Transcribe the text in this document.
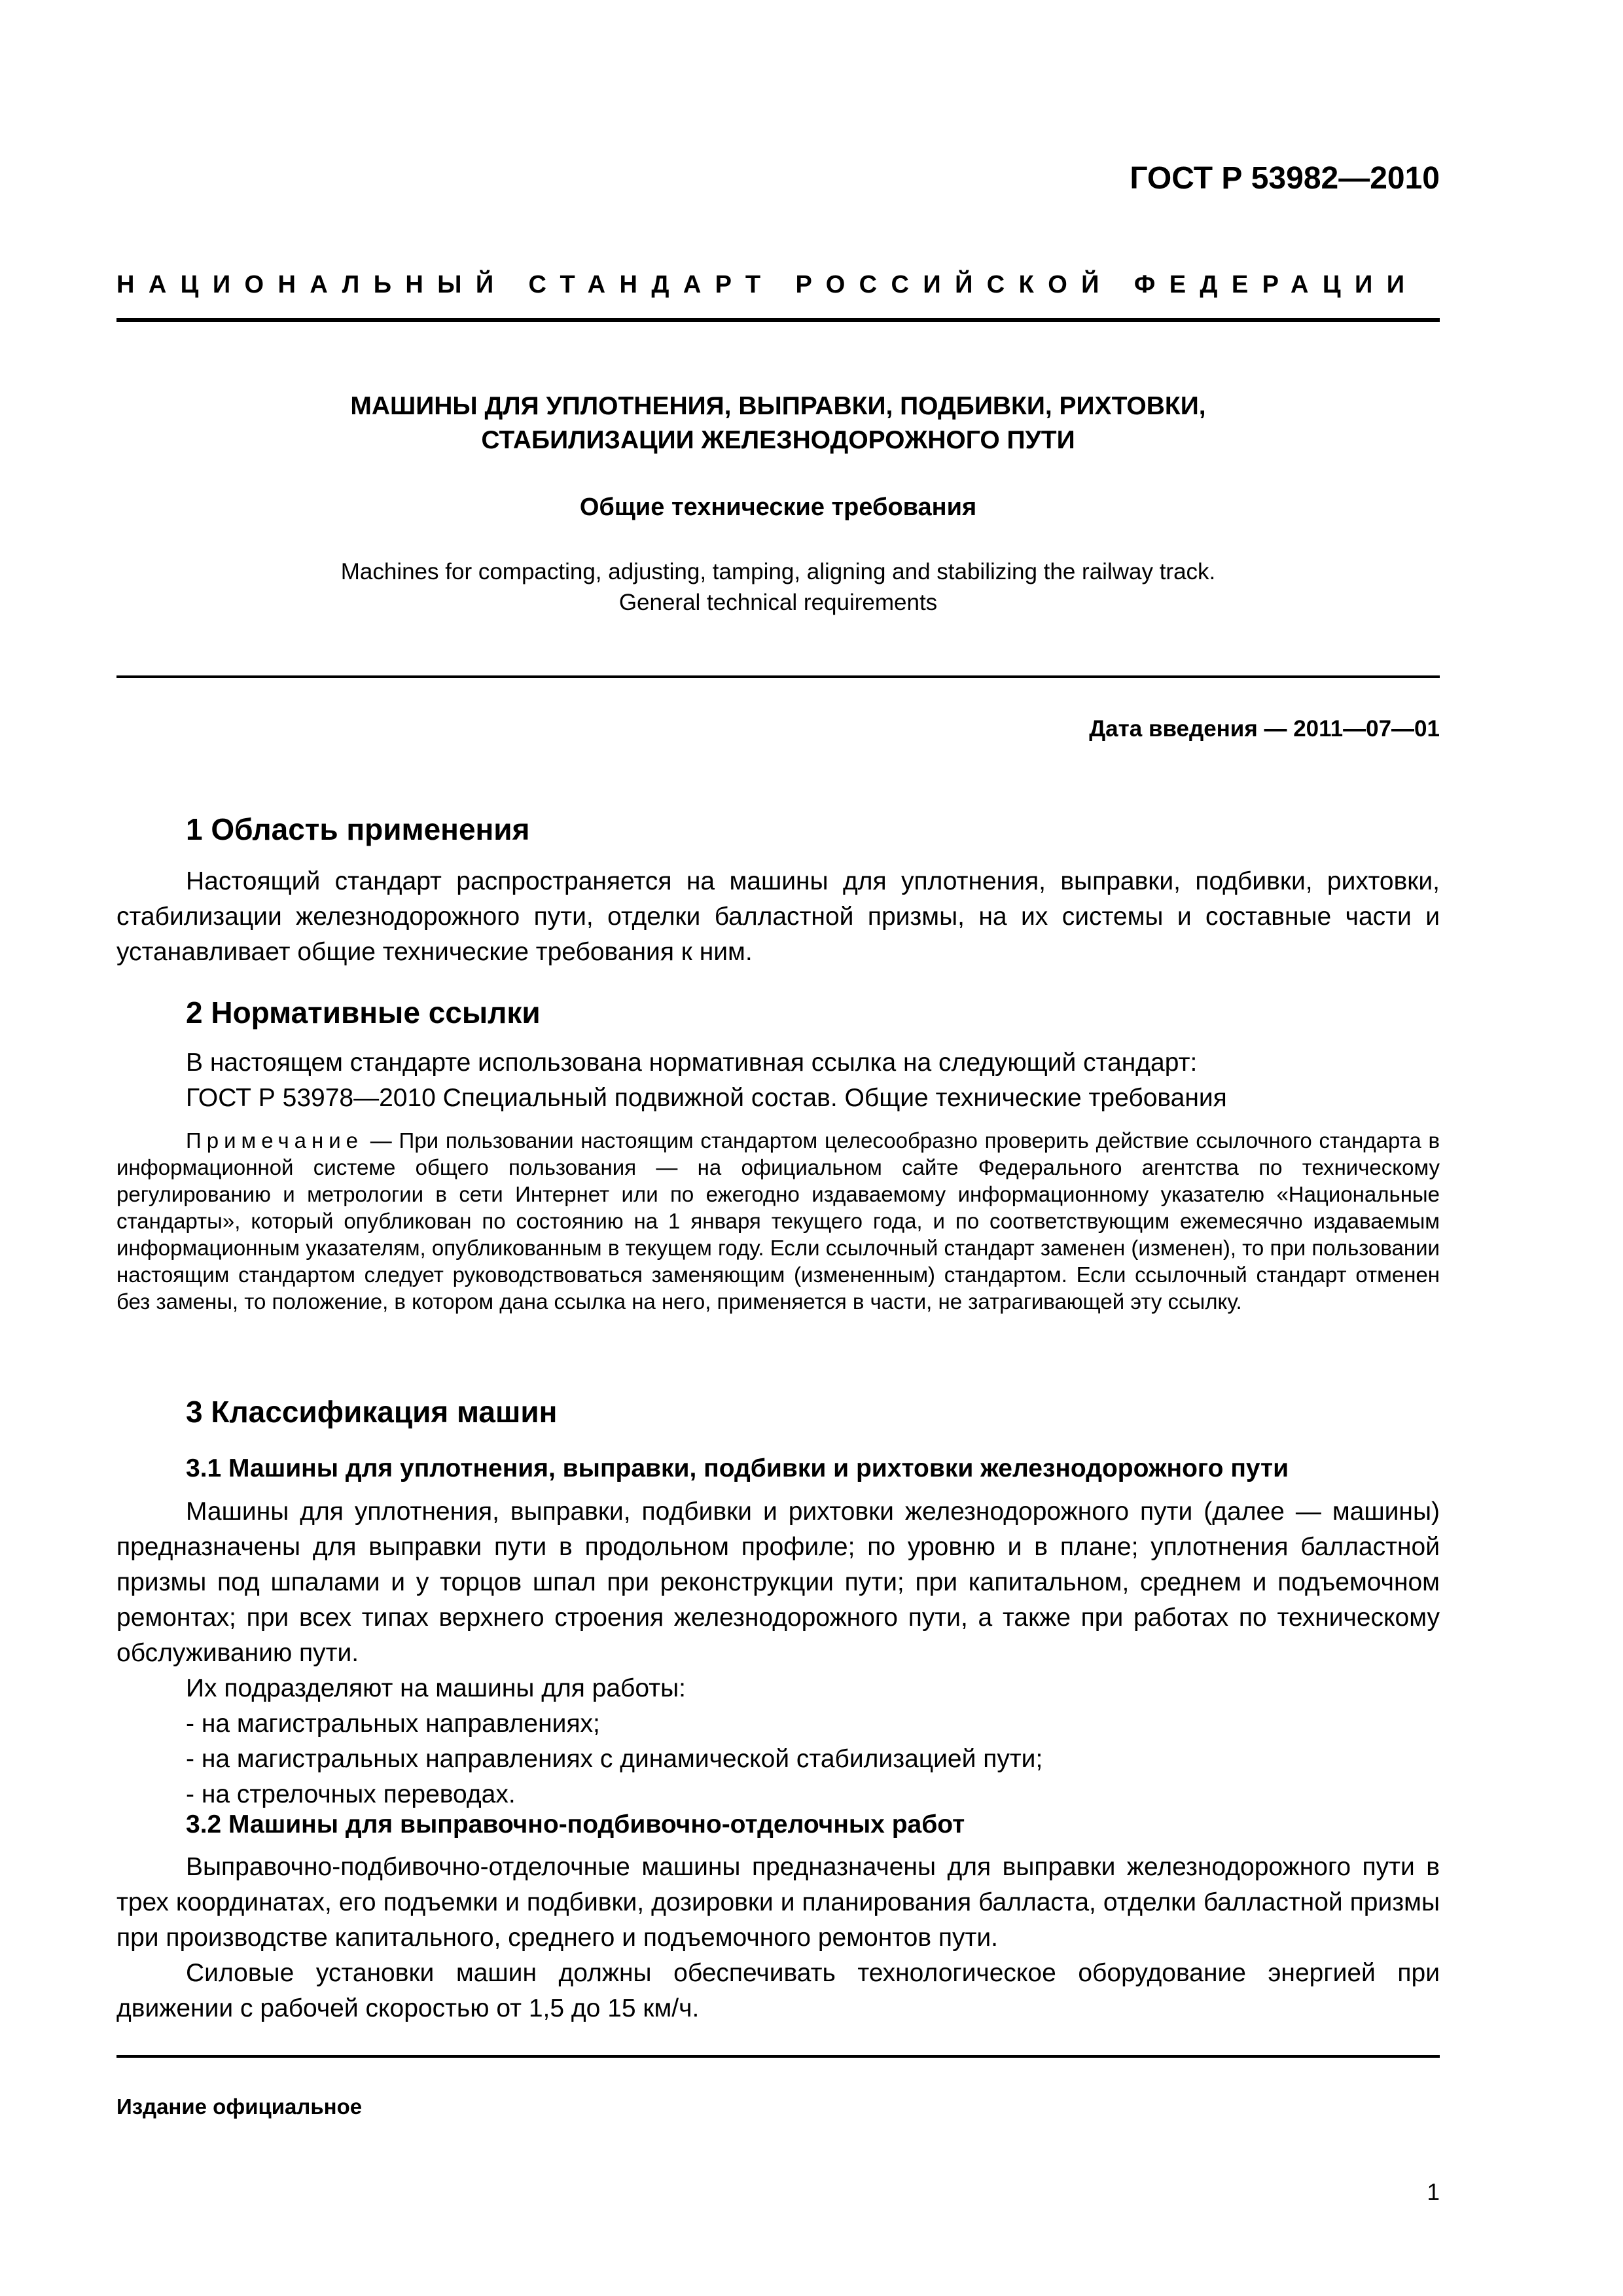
ГОСТ Р 53982—2010
НАЦИОНАЛЬНЫЙ СТАНДАРТ РОССИЙСКОЙ ФЕДЕРАЦИИ
МАШИНЫ ДЛЯ УПЛОТНЕНИЯ, ВЫПРАВКИ, ПОДБИВКИ, РИХТОВКИ,
СТАБИЛИЗАЦИИ ЖЕЛЕЗНОДОРОЖНОГО ПУТИ
Общие технические требования
Machines for compacting, adjusting, tamping, aligning and stabilizing the railway track.
General technical requirements
Дата введения — 2011—07—01
1 Область применения
Настоящий стандарт распространяется на машины для уплотнения, выправки, подбивки, рихтовки, стабилизации железнодорожного пути, отделки балластной призмы, на их системы и составные части и устанавливает общие технические требования к ним.
2 Нормативные ссылки
В настоящем стандарте использована нормативная ссылка на следующий стандарт:
ГОСТ Р 53978—2010 Специальный подвижной состав. Общие технические требования
Примечание — При пользовании настоящим стандартом целесообразно проверить действие ссылочного стандарта в информационной системе общего пользования — на официальном сайте Федерального агентства по техническому регулированию и метрологии в сети Интернет или по ежегодно издаваемому информационному указателю «Национальные стандарты», который опубликован по состоянию на 1 января текущего года, и по соответствующим ежемесячно издаваемым информационным указателям, опубликованным в текущем году. Если ссылочный стандарт заменен (изменен), то при пользовании настоящим стандартом следует руководствоваться заменяющим (измененным) стандартом. Если ссылочный стандарт отменен без замены, то положение, в котором дана ссылка на него, применяется в части, не затрагивающей эту ссылку.
3 Классификация машин
3.1 Машины для уплотнения, выправки, подбивки и рихтовки железнодорожного пути
Машины для уплотнения, выправки, подбивки и рихтовки железнодорожного пути (далее — машины) предназначены для выправки пути в продольном профиле; по уровню и в плане; уплотнения балластной призмы под шпалами и у торцов шпал при реконструкции пути; при капитальном, среднем и подъемочном ремонтах; при всех типах верхнего строения железнодорожного пути, а также при работах по техническому обслуживанию пути.
Их подразделяют на машины для работы:
- на магистральных направлениях;
- на магистральных направлениях с динамической стабилизацией пути;
- на стрелочных переводах.
3.2 Машины для выправочно-подбивочно-отделочных работ
Выправочно-подбивочно-отделочные машины предназначены для выправки железнодорожного пути в трех координатах, его подъемки и подбивки, дозировки и планирования балласта, отделки балластной призмы при производстве капитального, среднего и подъемочного ремонтов пути.
Силовые установки машин должны обеспечивать технологическое оборудование энергией при движении с рабочей скоростью от 1,5 до 15 км/ч.
Издание официальное
1
